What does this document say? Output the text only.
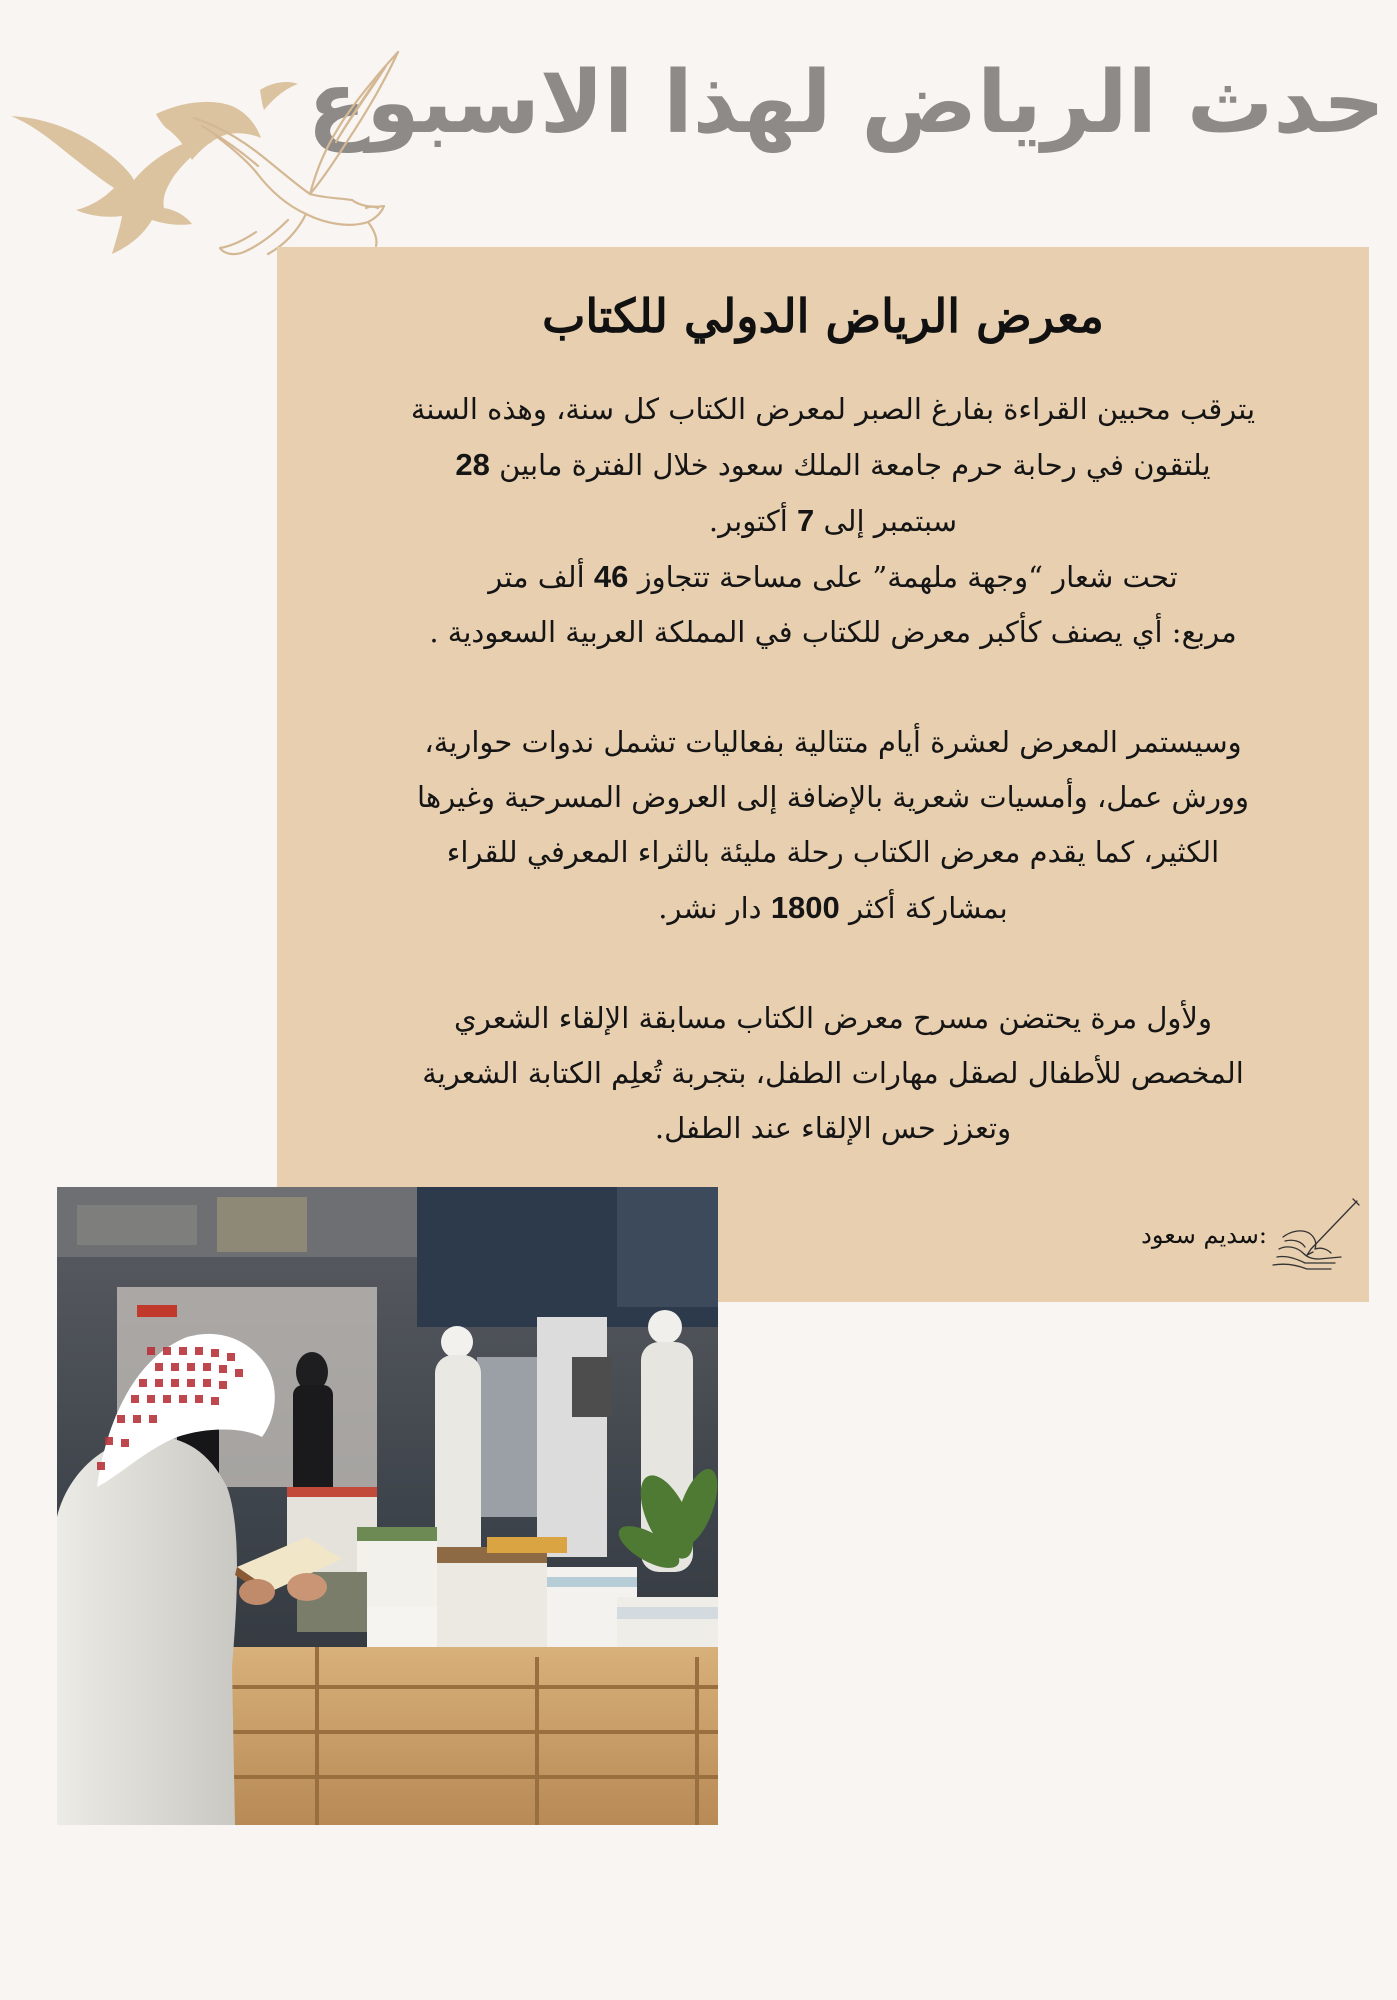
حدث الرياض لهذا الاسبوع
معرض الرياض الدولي للكتاب

يترقب محبين القراءة بفارغ الصبر لمعرض الكتاب كل سنة، وهذه السنة

يلتقون في رحابة حرم جامعة الملك سعود خلال الفترة مابين 28

سبتمبر إلى 7 أكتوبر.

تحت شعار “وجهة ملهمة” على مساحة تتجاوز 46 ألف متر

مربع: أي يصنف كأكبر معرض للكتاب في المملكة العربية السعودية .

وسيستمر المعرض لعشرة أيام متتالية بفعاليات تشمل ندوات حوارية،

وورش عمل، وأمسيات شعرية بالإضافة إلى العروض المسرحية وغيرها

الكثير، كما يقدم معرض الكتاب رحلة مليئة بالثراء المعرفي للقراء

بمشاركة أكثر 1800 دار نشر.

ولأول مرة يحتضن مسرح معرض الكتاب مسابقة الإلقاء الشعري

المخصص للأطفال لصقل مهارات الطفل، بتجربة تُعلِم الكتابة الشعرية

وتعزز حس الإلقاء عند الطفل.

:سديم سعود
